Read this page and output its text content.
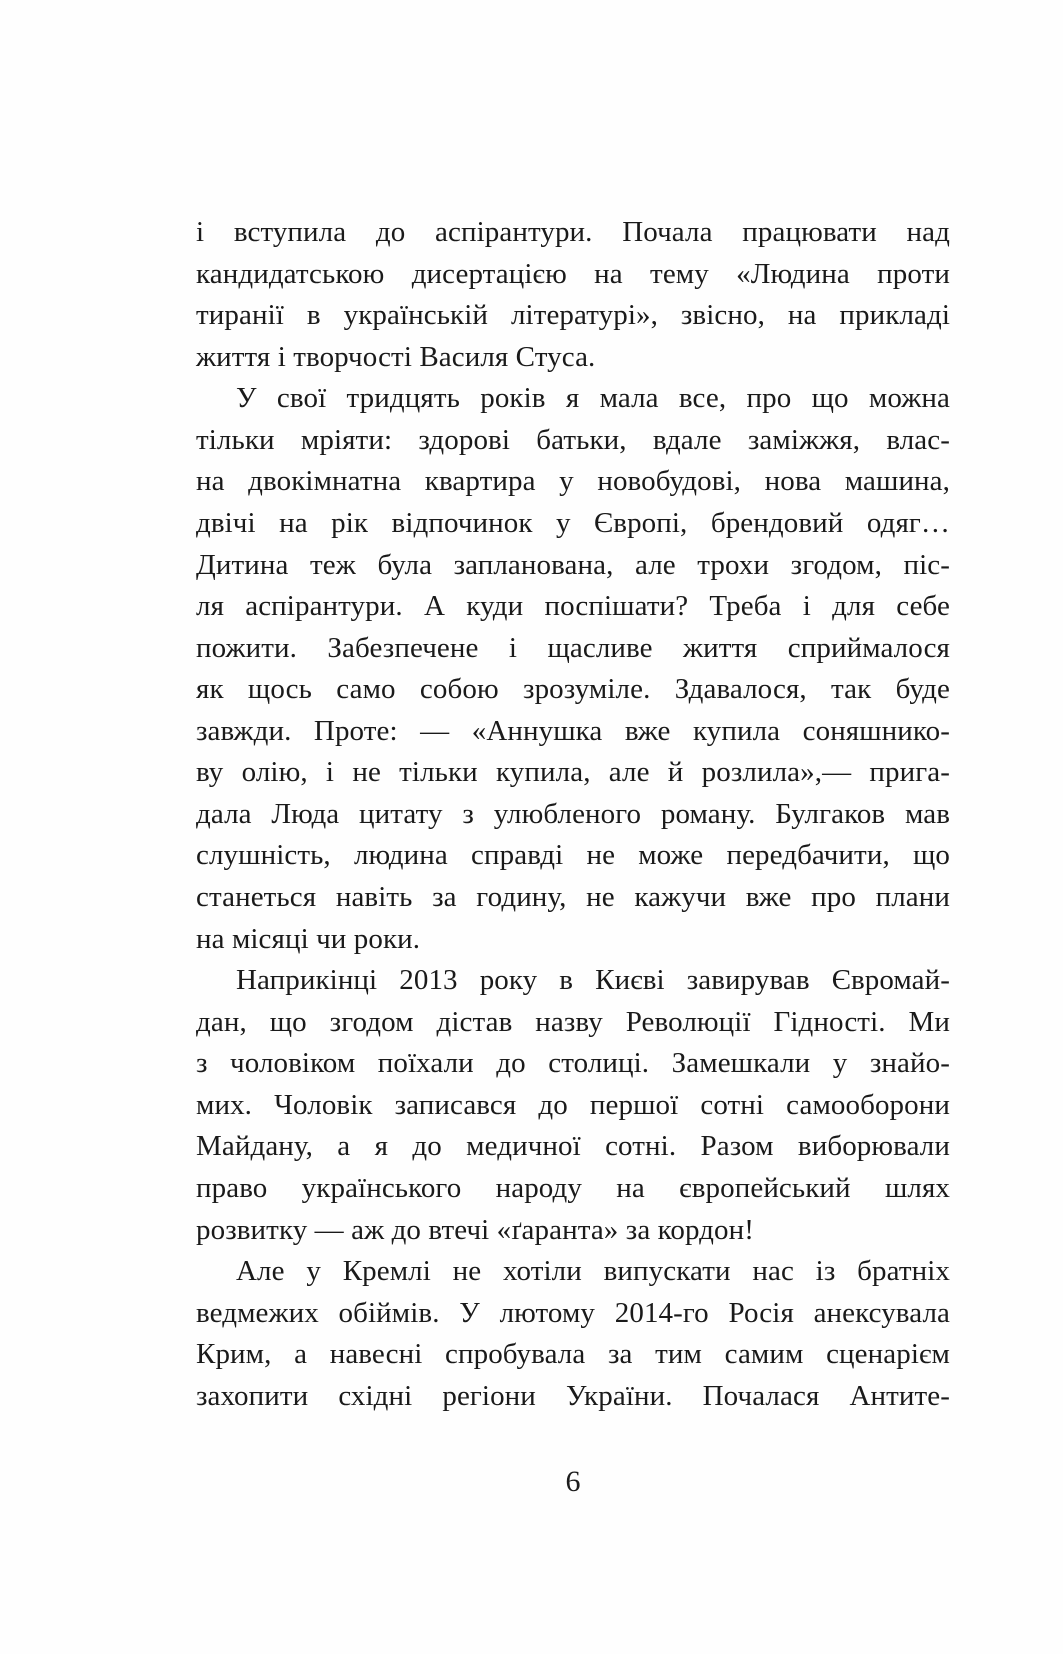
і вступила до аспірантури. Почала працювати над
кандидатською дисертацією на тему «Людина проти
тиранії в українській літературі», звісно, на прикладі
життя і творчості Василя Стуса.

У свої тридцять років я мала все, про що можна
тільки мріяти: здорові батьки, вдале заміжжя, влас-
на двокімнатна квартира у новобудові, нова машина,
двічі на рік відпочинок у Європі, брендовий одяг…
Дитина теж була запланована, але трохи згодом, піс-
ля аспірантури. А куди поспішати? Треба і для себе
пожити. Забезпечене і щасливе життя сприймалося
як щось само собою зрозуміле. Здавалося, так буде
завжди. Проте: — «Аннушка вже купила соняшнико-
ву олію, і не тільки купила, але й розлила»,— прига-
дала Люда цитату з улюбленого роману. Булгаков мав
слушність, людина справді не може передбачити, що
станеться навіть за годину, не кажучи вже про плани
на місяці чи роки.

Наприкінці 2013 року в Києві завирував Євромай-
дан, що згодом дістав назву Революції Гідності. Ми
з чоловіком поїхали до столиці. Замешкали у знайо-
мих. Чоловік записався до першої сотні самооборони
Майдану, а я до медичної сотні. Разом виборювали
право українського народу на європейський шлях
розвитку — аж до втечі «ґаранта» за кордон!

Але у Кремлі не хотіли випускати нас із братніх
ведмежих обіймів. У лютому 2014-го Росія анексувала
Крим, а навесні спробувала за тим самим сценарієм
захопити східні регіони України. Почалася Антите-

6
